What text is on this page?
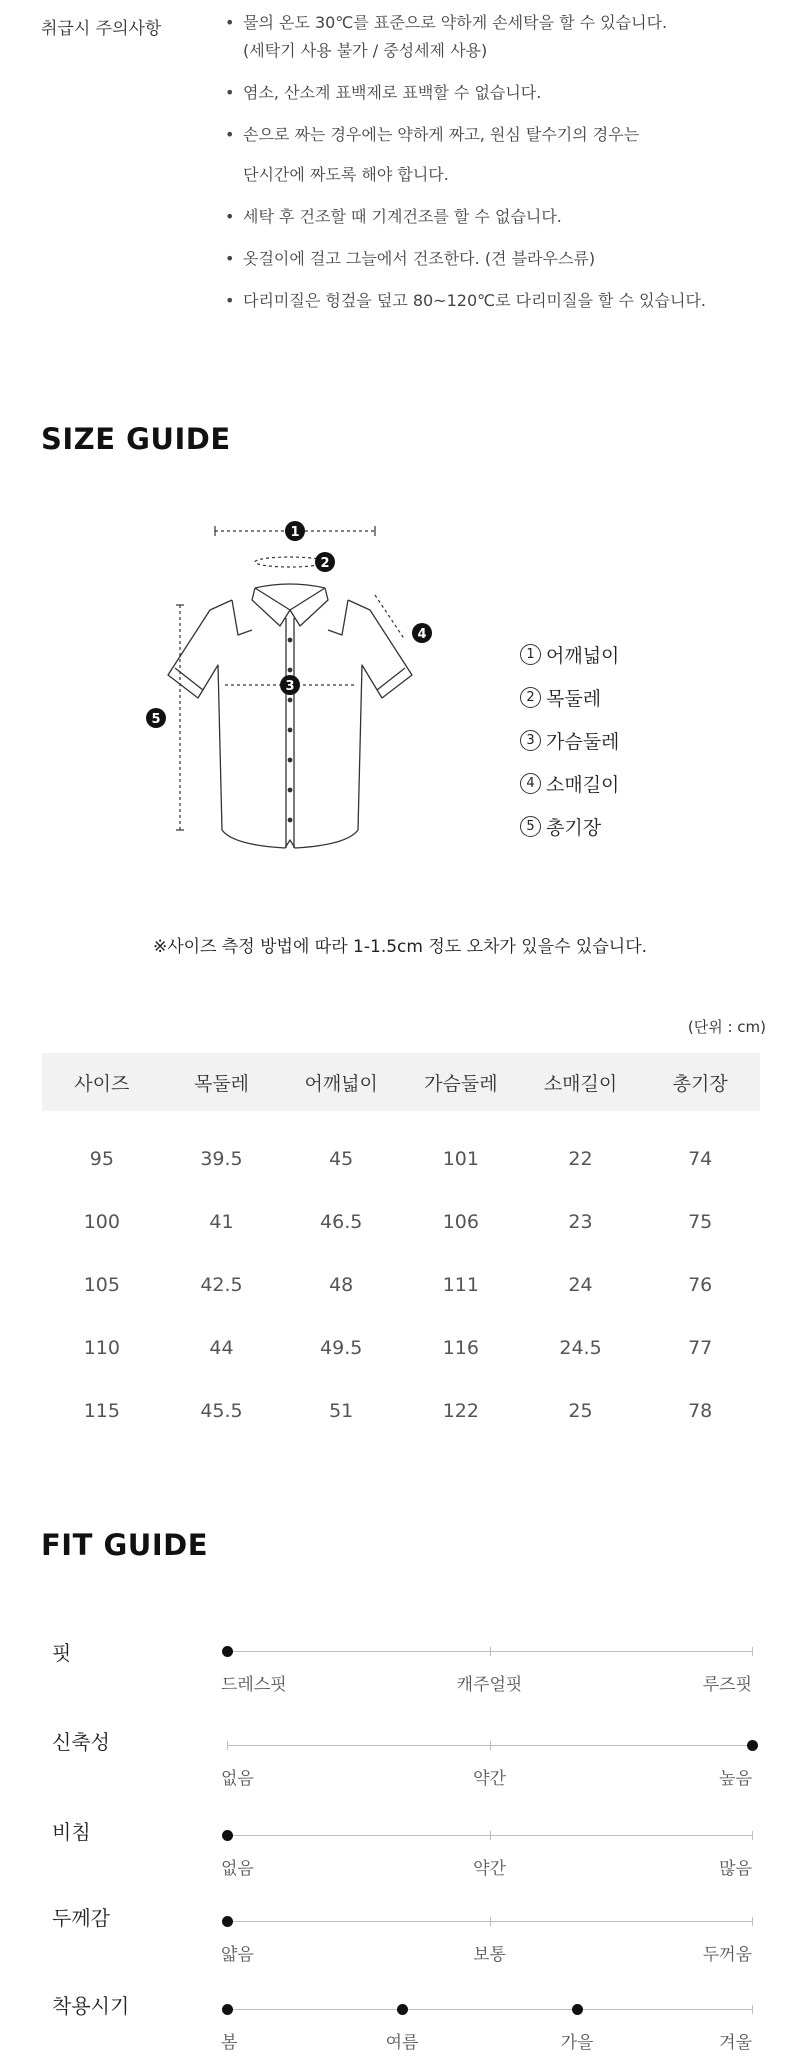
취급시 주의사항	• 물의 온도 30℃를 표준으로 약하게 손세탁을 할 수 있습니다.
(세탁기 사용 불가 / 중성세제 사용)
• 염소, 산소계 표백제로 표백할 수 없습니다.
• 손으로 짜는 경우에는 약하게 짜고, 원심 탈수기의 경우는
단시간에 짜도록 해야 합니다.
• 세탁 후 건조할 때 기계건조를 할 수 없습니다.
• 옷걸이에 걸고 그늘에서 건조한다. (견 블라우스류)
• 다리미질은 헝겊을 덮고 80~120℃로 다리미질을 할 수 있습니다.
SIZE GUIDE
1
2
3
4
5
1 어깨넓이
2 목둘레
3 가슴둘레
4 소매길이
5 총기장
※사이즈 측정 방법에 따라 1-1.5cm 정도 오차가 있을수 있습니다.
(단위 : cm)
사이즈	목둘레	어깨넓이	가슴둘레	소매길이	총기장
95	39.5	45	101	22	74
100	41	46.5	106	23	75
105	42.5	48	111	24	76
110	44	49.5	116	24.5	77
115	45.5	51	122	25	78
FIT GUIDE
핏
드레스핏	캐주얼핏	루즈핏
신축성
없음	약간	높음
비침
없음	약간	많음
두께감
얇음	보통	두꺼움
착용시기
봄	여름	가을	겨울
